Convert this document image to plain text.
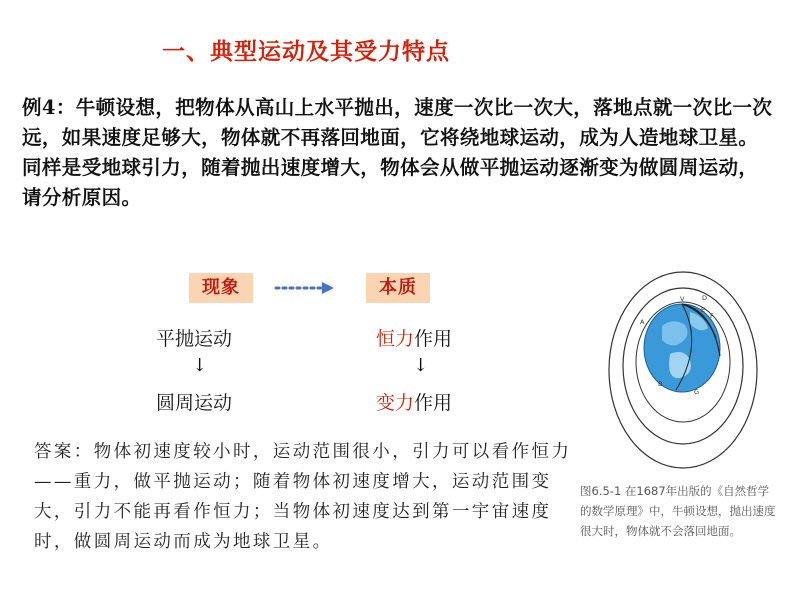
一、典型运动及其受力特点

例4：牛顿设想，把物体从高山上水平抛出，速度一次比一次大，落地点就一次比一次远，如果速度足够大，物体就不再落回地面，它将绕地球运动，成为人造地球卫星。

同样是受地球引力，随着抛出速度增大，物体会从做平抛运动逐渐变为做圆周运动，请分析原因。

现象	本质
平抛运动
↓
圆周运动
恒力作用
↓
变力作用
答案：物体初速度较小时，运动范围很小，引力可以看作恒力——重力，做平抛运动；随着物体初速度增大，运动范围变大，引力不能再看作恒力；当物体初速度达到第一宇宙速度时，做圆周运动而成为地球卫星。
V	D
E
F
A
B
G
图6.5-1 在1687年出版的《自然哲学的数学原理》中，牛顿设想，抛出速度很大时，物体就不会落回地面。
